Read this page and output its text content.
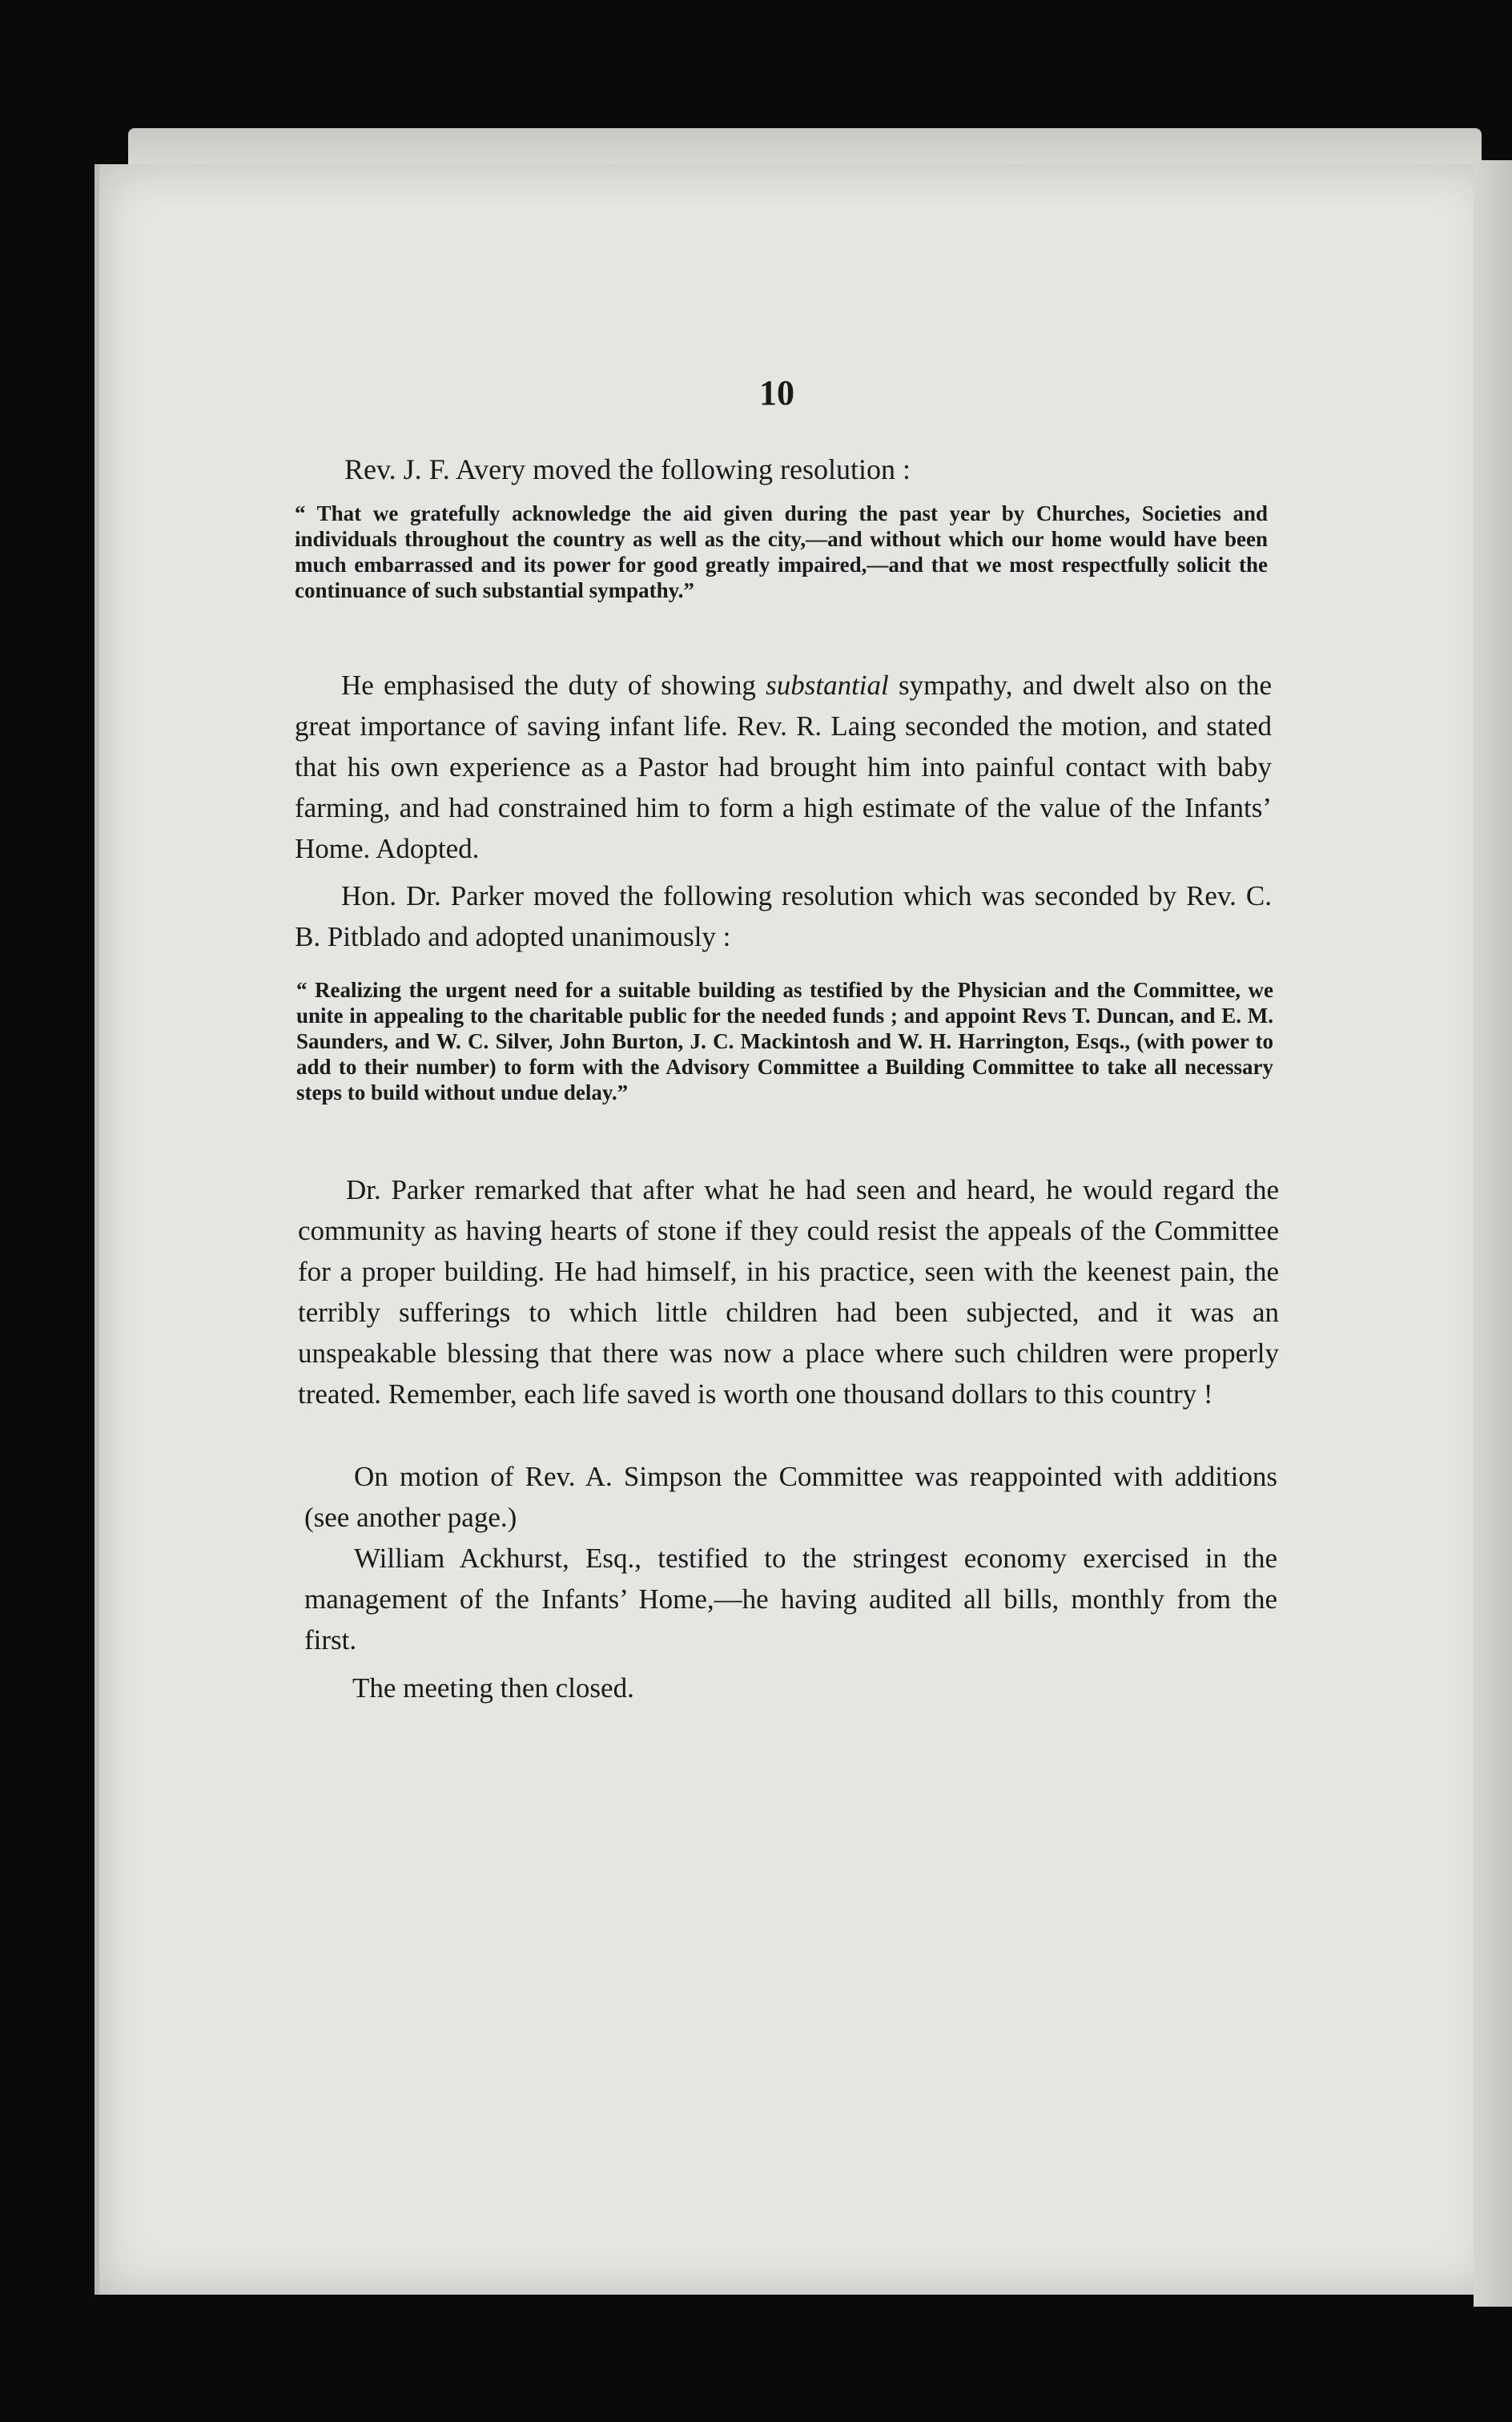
10
Rev. J. F. Avery moved the following resolution :
“ That we gratefully acknowledge the aid given during the past year by Churches, Societies and individuals throughout the country as well as the city,—and without which our home would have been much embarrassed and its power for good greatly impaired,—and that we most respectfully solicit the continuance of such substantial sympathy.”
He emphasised the duty of showing substantial sympathy, and dwelt also on the great importance of saving infant life. Rev. R. Laing seconded the motion, and stated that his own experience as a Pastor had brought him into painful contact with baby farming, and had constrained him to form a high estimate of the value of the Infants’ Home. Adopted.
Hon. Dr. Parker moved the following resolution which was seconded by Rev. C. B. Pitblado and adopted unanimously :
“ Realizing the urgent need for a suitable building as testified by the Physician and the Committee, we unite in appealing to the charitable public for the needed funds ; and appoint Revs T. Duncan, and E. M. Saunders, and W. C. Silver, John Burton, J. C. Mackintosh and W. H. Harrington, Esqs., (with power to add to their number) to form with the Advisory Committee a Building Committee to take all necessary steps to build without undue delay.”
Dr. Parker remarked that after what he had seen and heard, he would regard the community as having hearts of stone if they could resist the appeals of the Committee for a proper building. He had himself, in his practice, seen with the keenest pain, the terribly sufferings to which little children had been subjected, and it was an unspeakable blessing that there was now a place where such children were properly treated. Remember, each life saved is worth one thousand dollars to this country !
On motion of Rev. A. Simpson the Committee was reappointed with additions (see another page.)
William Ackhurst, Esq., testified to the stringest economy exercised in the management of the Infants’ Home,—he having audited all bills, monthly from the first.
The meeting then closed.
